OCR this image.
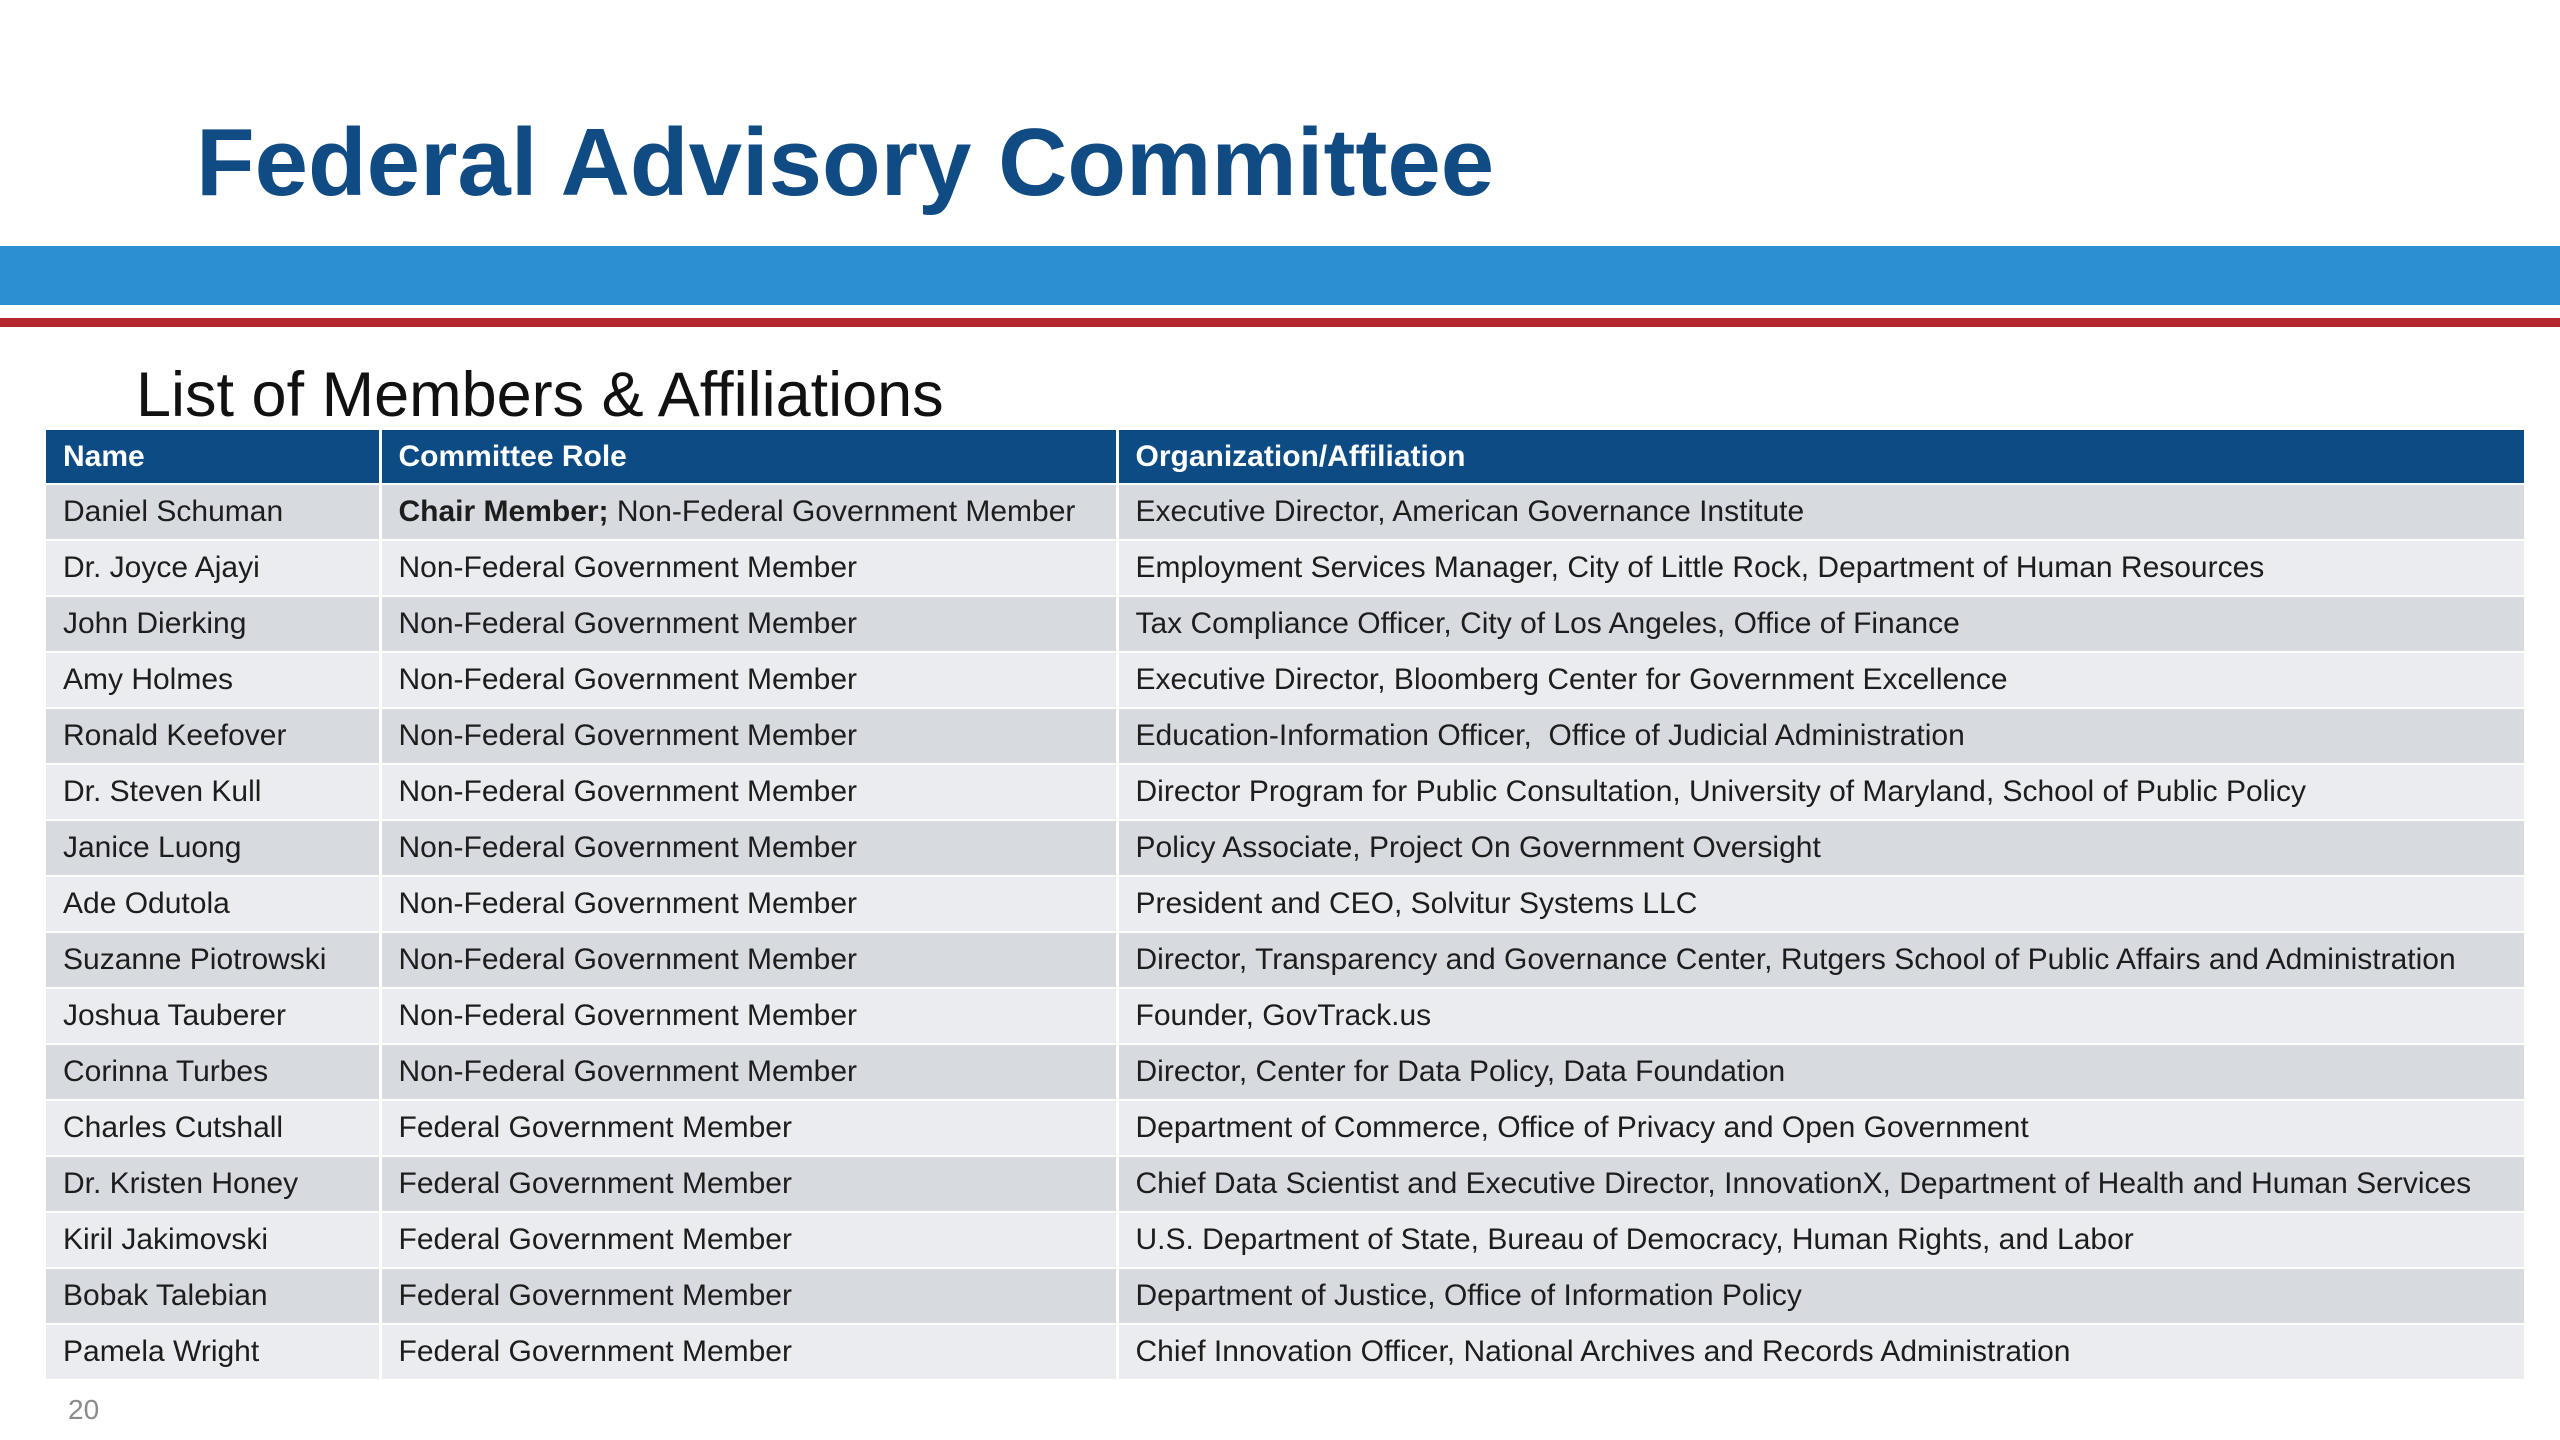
Federal Advisory Committee
List of Members & Affiliations
Name	Committee Role	Organization/Affiliation
Daniel Schuman	Chair Member; Non-Federal Government Member	Executive Director, American Governance Institute
Dr. Joyce Ajayi	Non-Federal Government Member	Employment Services Manager, City of Little Rock, Department of Human Resources
John Dierking	Non-Federal Government Member	Tax Compliance Officer, City of Los Angeles, Office of Finance
Amy Holmes	Non-Federal Government Member	Executive Director, Bloomberg Center for Government Excellence
Ronald Keefover	Non-Federal Government Member	Education-Information Officer,  Office of Judicial Administration
Dr. Steven Kull	Non-Federal Government Member	Director Program for Public Consultation, University of Maryland, School of Public Policy
Janice Luong	Non-Federal Government Member	Policy Associate, Project On Government Oversight
Ade Odutola	Non-Federal Government Member	President and CEO, Solvitur Systems LLC
Suzanne Piotrowski	Non-Federal Government Member	Director, Transparency and Governance Center, Rutgers School of Public Affairs and Administration
Joshua Tauberer	Non-Federal Government Member	Founder, GovTrack.us
Corinna Turbes	Non-Federal Government Member	Director, Center for Data Policy, Data Foundation
Charles Cutshall	Federal Government Member	Department of Commerce, Office of Privacy and Open Government
Dr. Kristen Honey	Federal Government Member	Chief Data Scientist and Executive Director, InnovationX, Department of Health and Human Services
Kiril Jakimovski	Federal Government Member	U.S. Department of State, Bureau of Democracy, Human Rights, and Labor
Bobak Talebian	Federal Government Member	Department of Justice, Office of Information Policy
Pamela Wright	Federal Government Member	Chief Innovation Officer, National Archives and Records Administration
20
